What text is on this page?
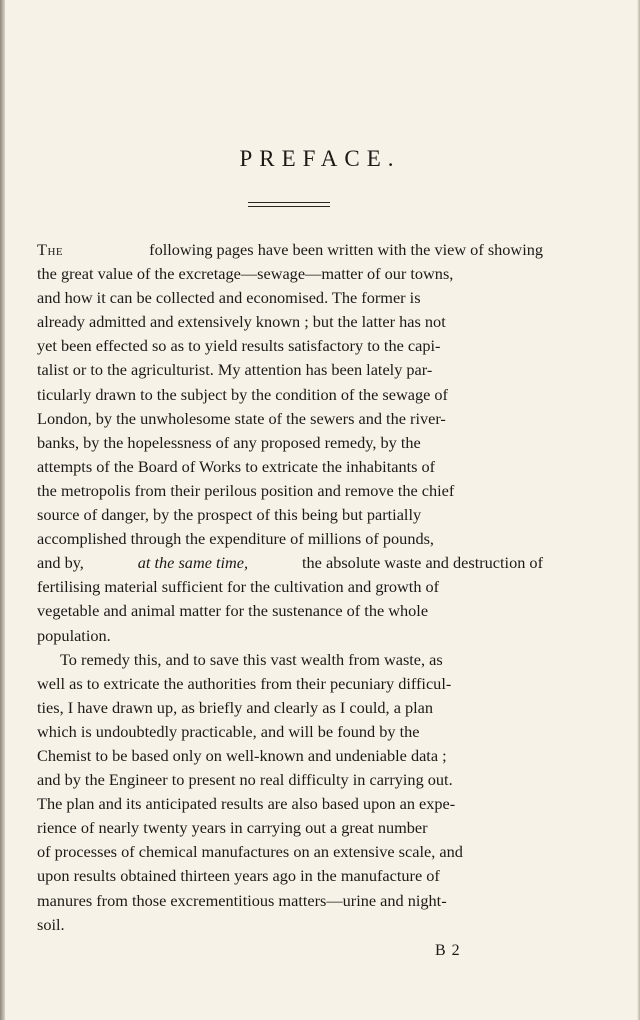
PREFACE.
The	following pages have been written with the view of showing
the great value of the excretage—sewage—matter of our towns,
and how it can be collected and economised. The former is
already admitted and extensively known ; but the latter has not
yet been effected so as to yield results satisfactory to the capi-
talist or to the agriculturist. My attention has been lately par-
ticularly drawn to the subject by the condition of the sewage of
London, by the unwholesome state of the sewers and the river-
banks, by the hopelessness of any proposed remedy, by the
attempts of the Board of Works to extricate the inhabitants of
the metropolis from their perilous position and remove the chief
source of danger, by the prospect of this being but partially
accomplished through the expenditure of millions of pounds,
and by,	at the same time,	the absolute waste and destruction of
fertilising material sufficient for the cultivation and growth of
vegetable and animal matter for the sustenance of the whole
population.
To remedy this, and to save this vast wealth from waste, as
well as to extricate the authorities from their pecuniary difficul-
ties, I have drawn up, as briefly and clearly as I could, a plan
which is undoubtedly practicable, and will be found by the
Chemist to be based only on well-known and undeniable data ;
and by the Engineer to present no real difficulty in carrying out.
The plan and its anticipated results are also based upon an expe-
rience of nearly twenty years in carrying out a great number
of processes of chemical manufactures on an extensive scale, and
upon results obtained thirteen years ago in the manufacture of
manures from those excrementitious matters—urine and night-
soil.
B 2
